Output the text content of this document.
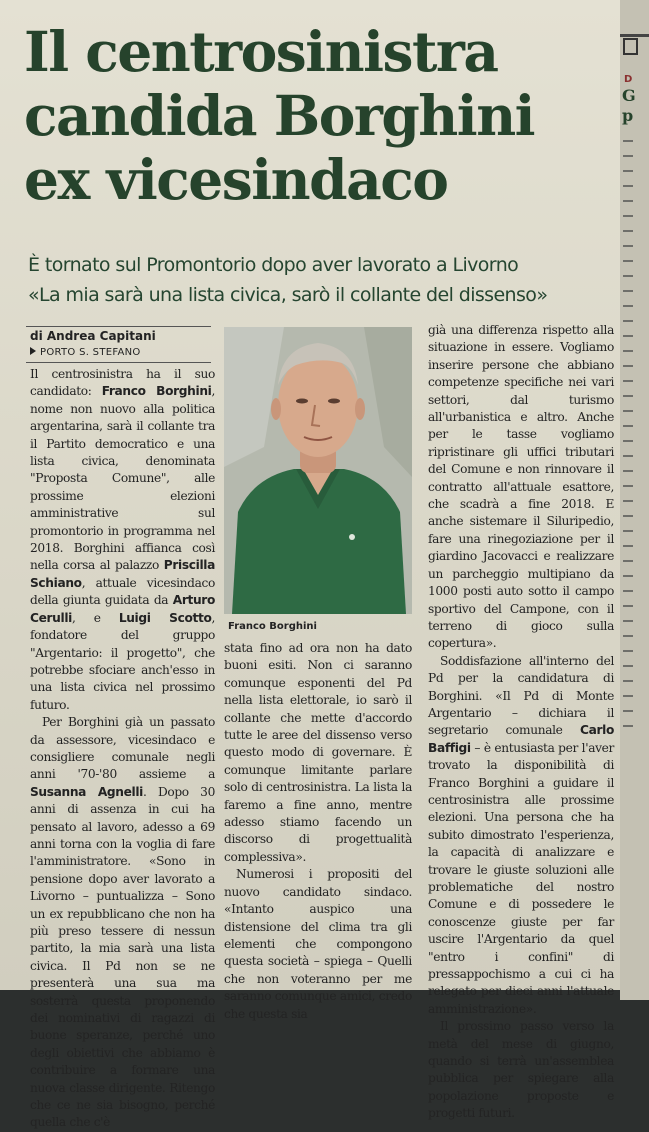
Il centrosinistra
candida Borghini
ex vicesindaco
È tornato sul Promontorio dopo aver lavorato a Livorno
«La mia sarà una lista civica, sarò il collante del dissenso»
di Andrea Capitani
PORTO S. STEFANO

Il centrosinistra ha il suo candidato: Franco Borghini, nome non nuovo alla politica argentarina, sarà il collante tra il Partito democratico e una lista civica, denominata "Proposta Comune", alle prossime elezioni amministrative sul promontorio in programma nel 2018. Borghini affianca così nella corsa al palazzo Priscilla Schiano, attuale vicesindaco della giunta guidata da Arturo Cerulli, e Luigi Scotto, fondatore del gruppo "Argentario: il progetto", che potrebbe sfociare anch'esso in una lista civica nel prossimo futuro.

Per Borghini già un passato da assessore, vicesindaco e consigliere comunale negli anni '70-'80 assieme a Susanna Agnelli. Dopo 30 anni di assenza in cui ha pensato al lavoro, adesso a 69 anni torna con la voglia di fare l'amministratore. «Sono in pensione dopo aver lavorato a Livorno – puntualizza – Sono un ex repubblicano che non ha più preso tessere di nessun partito, la mia sarà una lista civica. Il Pd non se ne presenterà una sua ma sosterrà questa proponendo dei nominativi di ragazzi di buone speranze, perché uno degli obiettivi che abbiamo è contribuire a formare una nuova classe dirigente. Ritengo che ce ne sia bisogno, perché quella che c'è

Franco Borghini

stata fino ad ora non ha dato buoni esiti. Non ci saranno comunque esponenti del Pd nella lista elettorale, io sarò il collante che mette d'accordo tutte le aree del dissenso verso questo modo di governare. È comunque limitante parlare solo di centrosinistra. La lista la faremo a fine anno, mentre adesso stiamo facendo un discorso di progettualità complessiva».

Numerosi i propositi del nuovo candidato sindaco. «Intanto auspico una distensione del clima tra gli elementi che compongono questa società – spiega – Quelli che non voteranno per me saranno comunque amici, credo che questa sia

già una differenza rispetto alla situazione in essere. Vogliamo inserire persone che abbiano competenze specifiche nei vari settori, dal turismo all'urbanistica e altro. Anche per le tasse vogliamo ripristinare gli uffici tributari del Comune e non rinnovare il contratto all'attuale esattore, che scadrà a fine 2018. E anche sistemare il Siluripedio, fare una rinegoziazione per il giardino Jacovacci e realizzare un parcheggio multipiano da 1000 posti auto sotto il campo sportivo del Campone, con il terreno di gioco sulla copertura».

Soddisfazione all'interno del Pd per la candidatura di Borghini. «Il Pd di Monte Argentario – dichiara il segretario comunale Carlo Baffigi – è entusiasta per l'aver trovato la disponibilità di Franco Borghini a guidare il centrosinistra alle prossime elezioni. Una persona che ha subito dimostrato l'esperienza, la capacità di analizzare e trovare le giuste soluzioni alle problematiche del nostro Comune e di possedere le conoscenze giuste per far uscire l'Argentario da quel "entro i confini" di pressappochismo a cui ci ha relegato per dieci anni l'attuale amministrazione».

Il prossimo passo verso la metà del mese di giugno, quando si terrà un'assemblea pubblica per spiegare alla popolazione proposte e progetti futuri.

D
G
p
